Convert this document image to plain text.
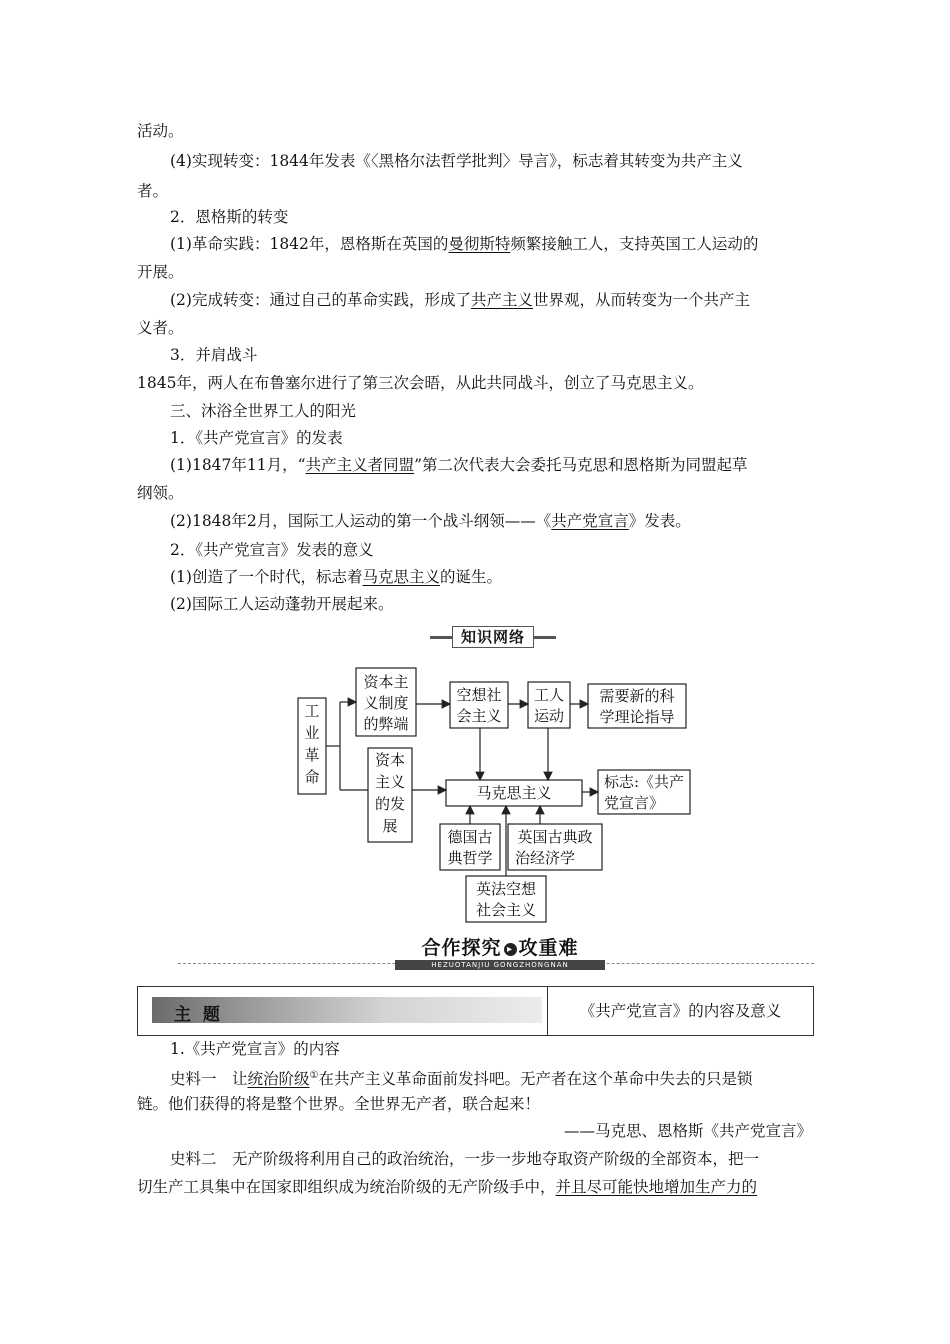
活动。
(4)实现转变：1844年发表《〈黑格尔法哲学批判〉导言》，标志着其转变为共产主义
者。
2．恩格斯的转变
(1)革命实践：1842年，恩格斯在英国的曼彻斯特频繁接触工人，支持英国工人运动的
开展。
(2)完成转变：通过自己的革命实践，形成了共产主义世界观，从而转变为一个共产主
义者。
3．并肩战斗
1845年，两人在布鲁塞尔进行了第三次会晤，从此共同战斗，创立了马克思主义。
三、沐浴全世界工人的阳光
1．《共产党宣言》的发表
(1)1847年11月，“共产主义者同盟”第二次代表大会委托马克思和恩格斯为同盟起草
纲领。
(2)1848年2月，国际工人运动的第一个战斗纲领——《共产党宣言》发表。
2．《共产党宣言》发表的意义
(1)创造了一个时代，标志着马克思主义的诞生。
(2)国际工人运动蓬勃开展起来。
知识网络
工
业
革
命
资本主
义制度
的弊端
资本
主义
的发
展
空想社
会主义
工人
运动
需要新的科
学理论指导
马克思主义
标志:《共产
党宣言》
德国古
典哲学
英国古典政
治经济学
英法空想
社会主义
合作探究 ▸ 攻重难
HEZUOTANJIU GONGZHONGNAN
主 题	《共产党宣言》的内容及意义
1.《共产党宣言》的内容
史料一　让统治阶级①在共产主义革命面前发抖吧。无产者在这个革命中失去的只是锁
链。他们获得的将是整个世界。全世界无产者，联合起来！
——马克思、恩格斯《共产党宣言》
史料二　无产阶级将利用自己的政治统治，一步一步地夺取资产阶级的全部资本，把一
切生产工具集中在国家即组织成为统治阶级的无产阶级手中，并且尽可能快地增加生产力的
